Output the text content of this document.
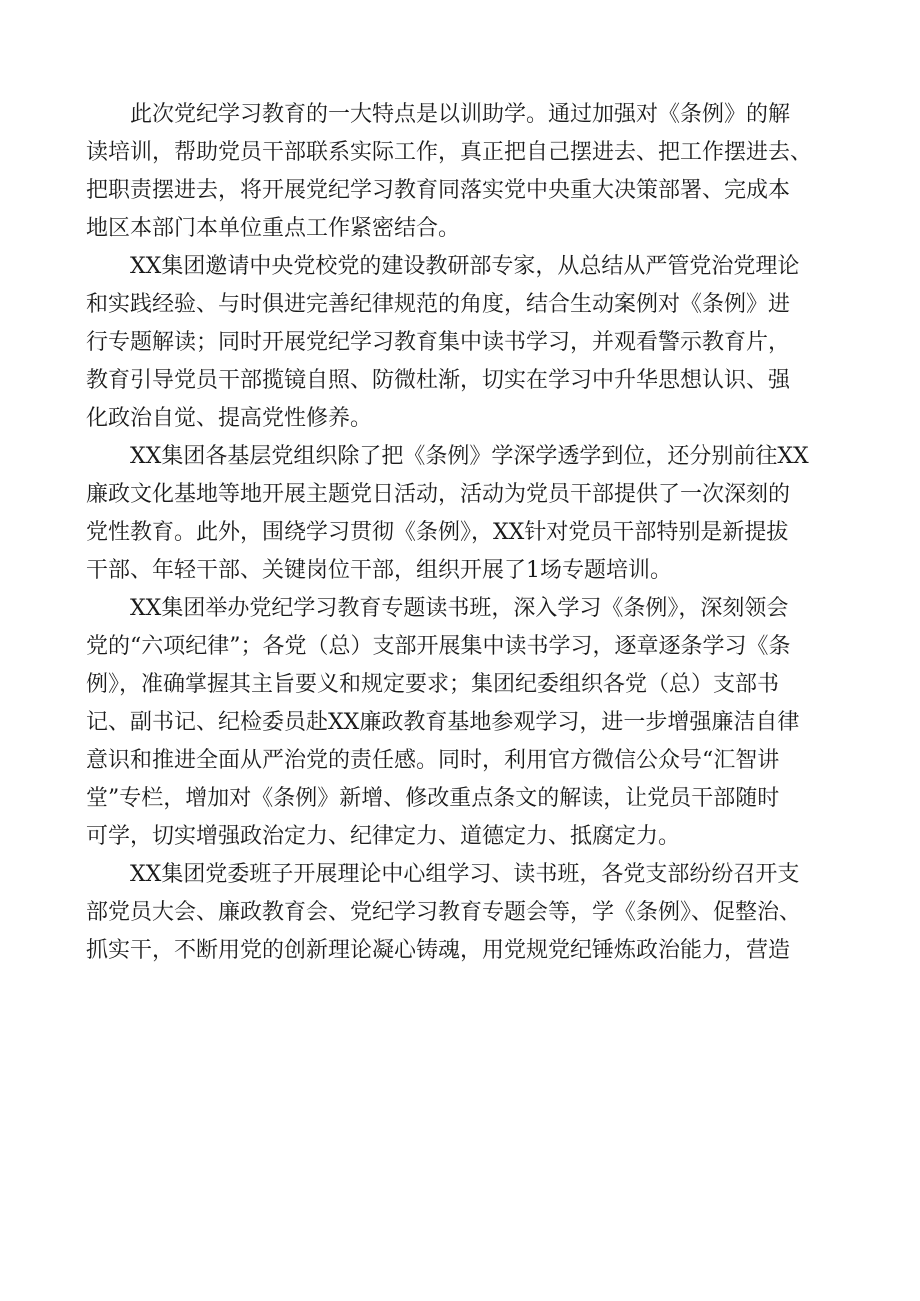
　　此次党纪学习教育的一大特点是以训助学。通过加强对《条例》的解
读培训，帮助党员干部联系实际工作，真正把自己摆进去、把工作摆进去、
把职责摆进去，将开展党纪学习教育同落实党中央重大决策部署、完成本
地区本部门本单位重点工作紧密结合。

　　XX集团邀请中央党校党的建设教研部专家，从总结从严管党治党理论
和实践经验、与时俱进完善纪律规范的角度，结合生动案例对《条例》进
行专题解读；同时开展党纪学习教育集中读书学习，并观看警示教育片，
教育引导党员干部揽镜自照、防微杜渐，切实在学习中升华思想认识、强
化政治自觉、提高党性修养。

　　XX集团各基层党组织除了把《条例》学深学透学到位，还分别前往XX
廉政文化基地等地开展主题党日活动，活动为党员干部提供了一次深刻的
党性教育。此外，围绕学习贯彻《条例》，XX针对党员干部特别是新提拔
干部、年轻干部、关键岗位干部，组织开展了1场专题培训。

　　XX集团举办党纪学习教育专题读书班，深入学习《条例》，深刻领会
党的“六项纪律”；各党（总）支部开展集中读书学习，逐章逐条学习《条
例》，准确掌握其主旨要义和规定要求；集团纪委组织各党（总）支部书
记、副书记、纪检委员赴XX廉政教育基地参观学习，进一步增强廉洁自律
意识和推进全面从严治党的责任感。同时，利用官方微信公众号“汇智讲
堂”专栏，增加对《条例》新增、修改重点条文的解读，让党员干部随时
可学，切实增强政治定力、纪律定力、道德定力、抵腐定力。

　　XX集团党委班子开展理论中心组学习、读书班，各党支部纷纷召开支
部党员大会、廉政教育会、党纪学习教育专题会等，学《条例》、促整治、
抓实干，不断用党的创新理论凝心铸魂，用党规党纪锤炼政治能力，营造
